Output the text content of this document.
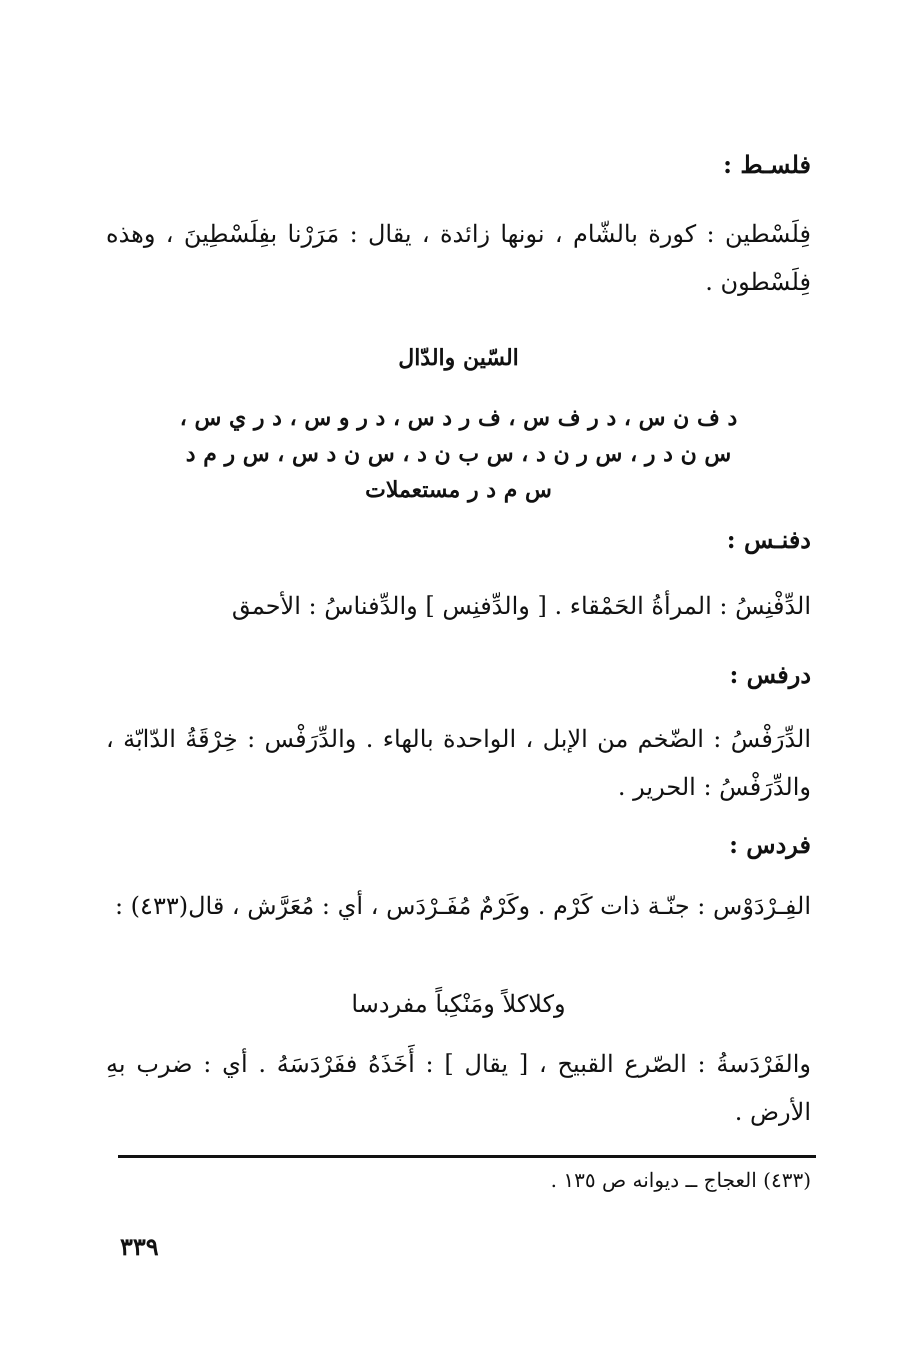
فلسـط :
فِلَسْطين : كورة بالشّام ، نونها زائدة ، يقال : مَرَرْنا بفِلَسْطِينَ ، وهذه فِلَسْطون .
السّين والدّال
د ف ن س ، د ر ف س ، ف ر د س ، د ر و س ، د ر ي س ،
س ن د ر ، س ر ن د ، س ب ن د ، س ن د س ، س ر م د
س م د ر مستعملات
دفنـس :
الدِّفْنِسُ : المرأةُ الحَمْقاء . [ والدِّفنِس ] والدِّفناسُ : الأحمق
درفس :
الدِّرَفْسُ : الضّخم من الإبل ، الواحدة بالهاء . والدِّرَفْس : خِرْقَةُ الدّابّة ، والدِّرَفْسُ : الحرير .
فردس :
الفِـرْدَوْس : جنّـة ذات كَرْم . وكَرْمٌ مُفَـرْدَس ، أي : مُعَرَّش ، قال(٤٣٣) :
وكلاكلاً ومَنْكِباً مفردسا
والفَرْدَسةُ : الصّرع القبيح ، [ يقال ] : أَخَذَهُ ففَرْدَسَهُ . أي : ضرب بهِ الأرض .
(٤٣٣) العجاج ــ ديوانه ص ١٣٥ .
٣٣٩
